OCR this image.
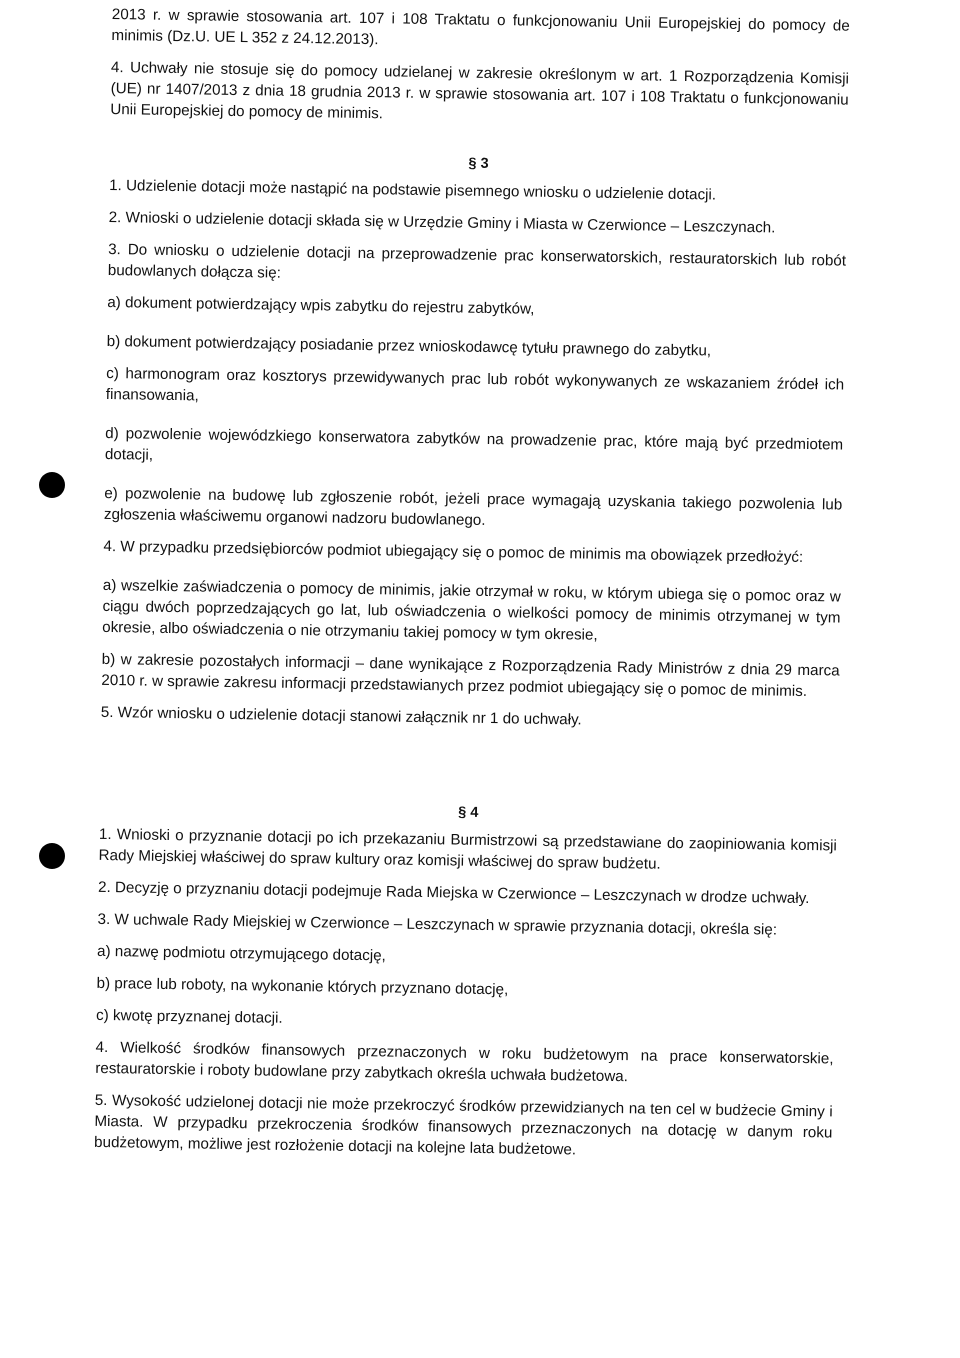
2013 r. w sprawie stosowania art. 107 i 108 Traktatu o funkcjonowaniu Unii Europejskiej do pomocy de minimis (Dz.U. UE L 352 z 24.12.2013).

4. Uchwały nie stosuje się do pomocy udzielanej w zakresie określonym w art. 1 Rozporządzenia Komisji (UE) nr 1407/2013 z dnia 18 grudnia 2013 r. w sprawie stosowania art. 107 i 108 Traktatu o funkcjonowaniu Unii Europejskiej do pomocy de minimis.

§ 3

1. Udzielenie dotacji może nastąpić na podstawie pisemnego wniosku o udzielenie dotacji.

2. Wnioski o udzielenie dotacji składa się w Urzędzie Gminy i Miasta w Czerwionce – Leszczynach.

3. Do wniosku o udzielenie dotacji na przeprowadzenie prac konserwatorskich, restauratorskich lub robót budowlanych dołącza się:

a) dokument potwierdzający wpis zabytku do rejestru zabytków,

b) dokument potwierdzający posiadanie przez wnioskodawcę tytułu prawnego do zabytku,

c) harmonogram oraz kosztorys przewidywanych prac lub robót wykonywanych ze wskazaniem źródeł ich finansowania,

d) pozwolenie wojewódzkiego konserwatora zabytków na prowadzenie prac, które mają być przedmiotem dotacji,

e) pozwolenie na budowę lub zgłoszenie robót, jeżeli prace wymagają uzyskania takiego pozwolenia lub zgłoszenia właściwemu organowi nadzoru budowlanego.

4. W przypadku przedsiębiorców podmiot ubiegający się o pomoc de minimis ma obowiązek przedłożyć:

a) wszelkie zaświadczenia o pomocy de minimis, jakie otrzymał w roku, w którym ubiega się o pomoc oraz w ciągu dwóch poprzedzających go lat, lub oświadczenia o wielkości pomocy de minimis otrzymanej w tym okresie, albo oświadczenia o nie otrzymaniu takiej pomocy w tym okresie,

b) w zakresie pozostałych informacji – dane wynikające z Rozporządzenia Rady Ministrów z dnia 29 marca 2010 r. w sprawie zakresu informacji przedstawianych przez podmiot ubiegający się o pomoc de minimis.

5. Wzór wniosku o udzielenie dotacji stanowi załącznik nr 1 do uchwały.

§ 4

1. Wnioski o przyznanie dotacji po ich przekazaniu Burmistrzowi są przedstawiane do zaopiniowania komisji Rady Miejskiej właściwej do spraw kultury oraz komisji właściwej do spraw budżetu.

2. Decyzję o przyznaniu dotacji podejmuje Rada Miejska w Czerwionce – Leszczynach w drodze uchwały.

3. W uchwale Rady Miejskiej w Czerwionce – Leszczynach w sprawie przyznania dotacji, określa się:

a) nazwę podmiotu otrzymującego dotację,

b) prace lub roboty, na wykonanie których przyznano dotację,

c) kwotę przyznanej dotacji.

4. Wielkość środków finansowych przeznaczonych w roku budżetowym na prace konserwatorskie, restauratorskie i roboty budowlane przy zabytkach określa uchwała budżetowa.

5. Wysokość udzielonej dotacji nie może przekroczyć środków przewidzianych na ten cel w budżecie Gminy i Miasta. W przypadku przekroczenia środków finansowych przeznaczonych na dotację w danym roku budżetowym, możliwe jest rozłożenie dotacji na kolejne lata budżetowe.
